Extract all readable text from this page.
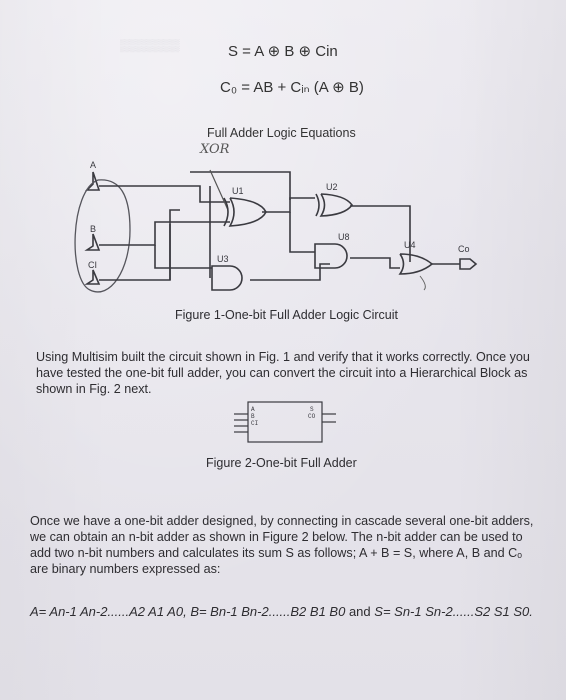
▒▒▒▒▒▒▒	S = A ⊕ B ⊕ Cin
C₀ = AB + Cᵢₙ (A ⊕ B)
Full Adder Logic Equations
XOR
A
B
CI
U1	U2
U3
U8
U4	Co
Figure 1-One-bit Full Adder Logic Circuit
Using Multisim built the circuit shown in Fig. 1 and verify that it works correctly. Once you have tested the one-bit full adder, you can convert the circuit into a Hierarchical Block as shown in Fig. 2 next.
A
B
CI
S
CO
Figure 2-One-bit Full Adder
Once we have a one-bit adder designed, by connecting in cascade several one-bit adders, we can obtain an n-bit adder as shown in Figure 2 below. The n-bit adder can be used to add two n-bit numbers and calculates its sum S as follows; A + B = S, where A, B and Cₒ are binary numbers expressed as:
A= An-1 An-2......A2 A1 A0, B= Bn-1 Bn-2......B2 B1 B0 and S= Sn-1 Sn-2......S2 S1 S0.
